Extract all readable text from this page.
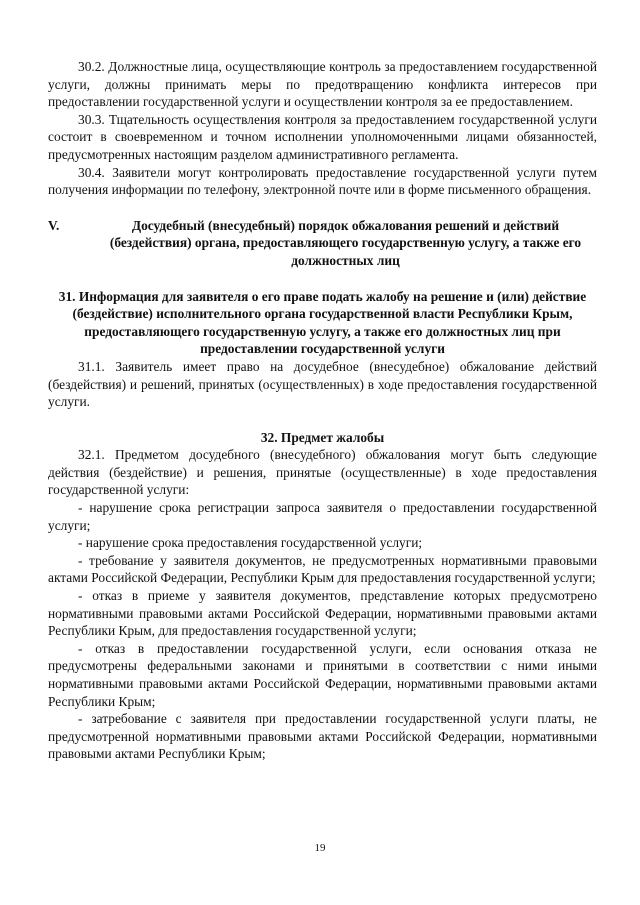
30.2. Должностные лица, осуществляющие контроль за предоставлением государственной услуги, должны принимать меры по предотвращению конфликта интересов при предоставлении государственной услуги и осуществлении контроля за ее предоставлением.

30.3. Тщательность осуществления контроля за предоставлением государственной услуги состоит в своевременном и точном исполнении уполномоченными лицами обязанностей, предусмотренных настоящим разделом административного регламента.

30.4. Заявители могут контролировать предоставление государственной услуги путем получения информации по телефону, электронной почте или в форме письменного обращения.

V.	Досудебный (внесудебный) порядок обжалования решений и действий (бездействия) органа, предоставляющего государственную услугу, а также его должностных лиц

31. Информация для заявителя о его праве подать жалобу на решение и (или) действие (бездействие) исполнительного органа государственной власти Республики Крым, предоставляющего государственную услугу, а также его должностных лиц при предоставлении государственной услуги

31.1. Заявитель имеет право на досудебное (внесудебное) обжалование действий (бездействия) и решений, принятых (осуществленных) в ходе предоставления государственной услуги.

32. Предмет жалобы

32.1. Предметом досудебного (внесудебного) обжалования могут быть следующие действия (бездействие) и решения, принятые (осуществленные) в ходе предоставления государственной услуги:

- нарушение срока регистрации запроса заявителя о предоставлении государственной услуги;

- нарушение срока предоставления государственной услуги;

- требование у заявителя документов, не предусмотренных нормативными правовыми актами Российской Федерации, Республики Крым для предоставления государственной услуги;

- отказ в приеме у заявителя документов, представление которых предусмотрено нормативными правовыми актами Российской Федерации, нормативными правовыми актами Республики Крым, для предоставления государственной услуги;

- отказ в предоставлении государственной услуги, если основания отказа не предусмотрены федеральными законами и принятыми в соответствии с ними иными нормативными правовыми актами Российской Федерации, нормативными правовыми актами Республики Крым;

- затребование с заявителя при предоставлении государственной услуги платы, не предусмотренной нормативными правовыми актами Российской Федерации, нормативными правовыми актами Республики Крым;

19
